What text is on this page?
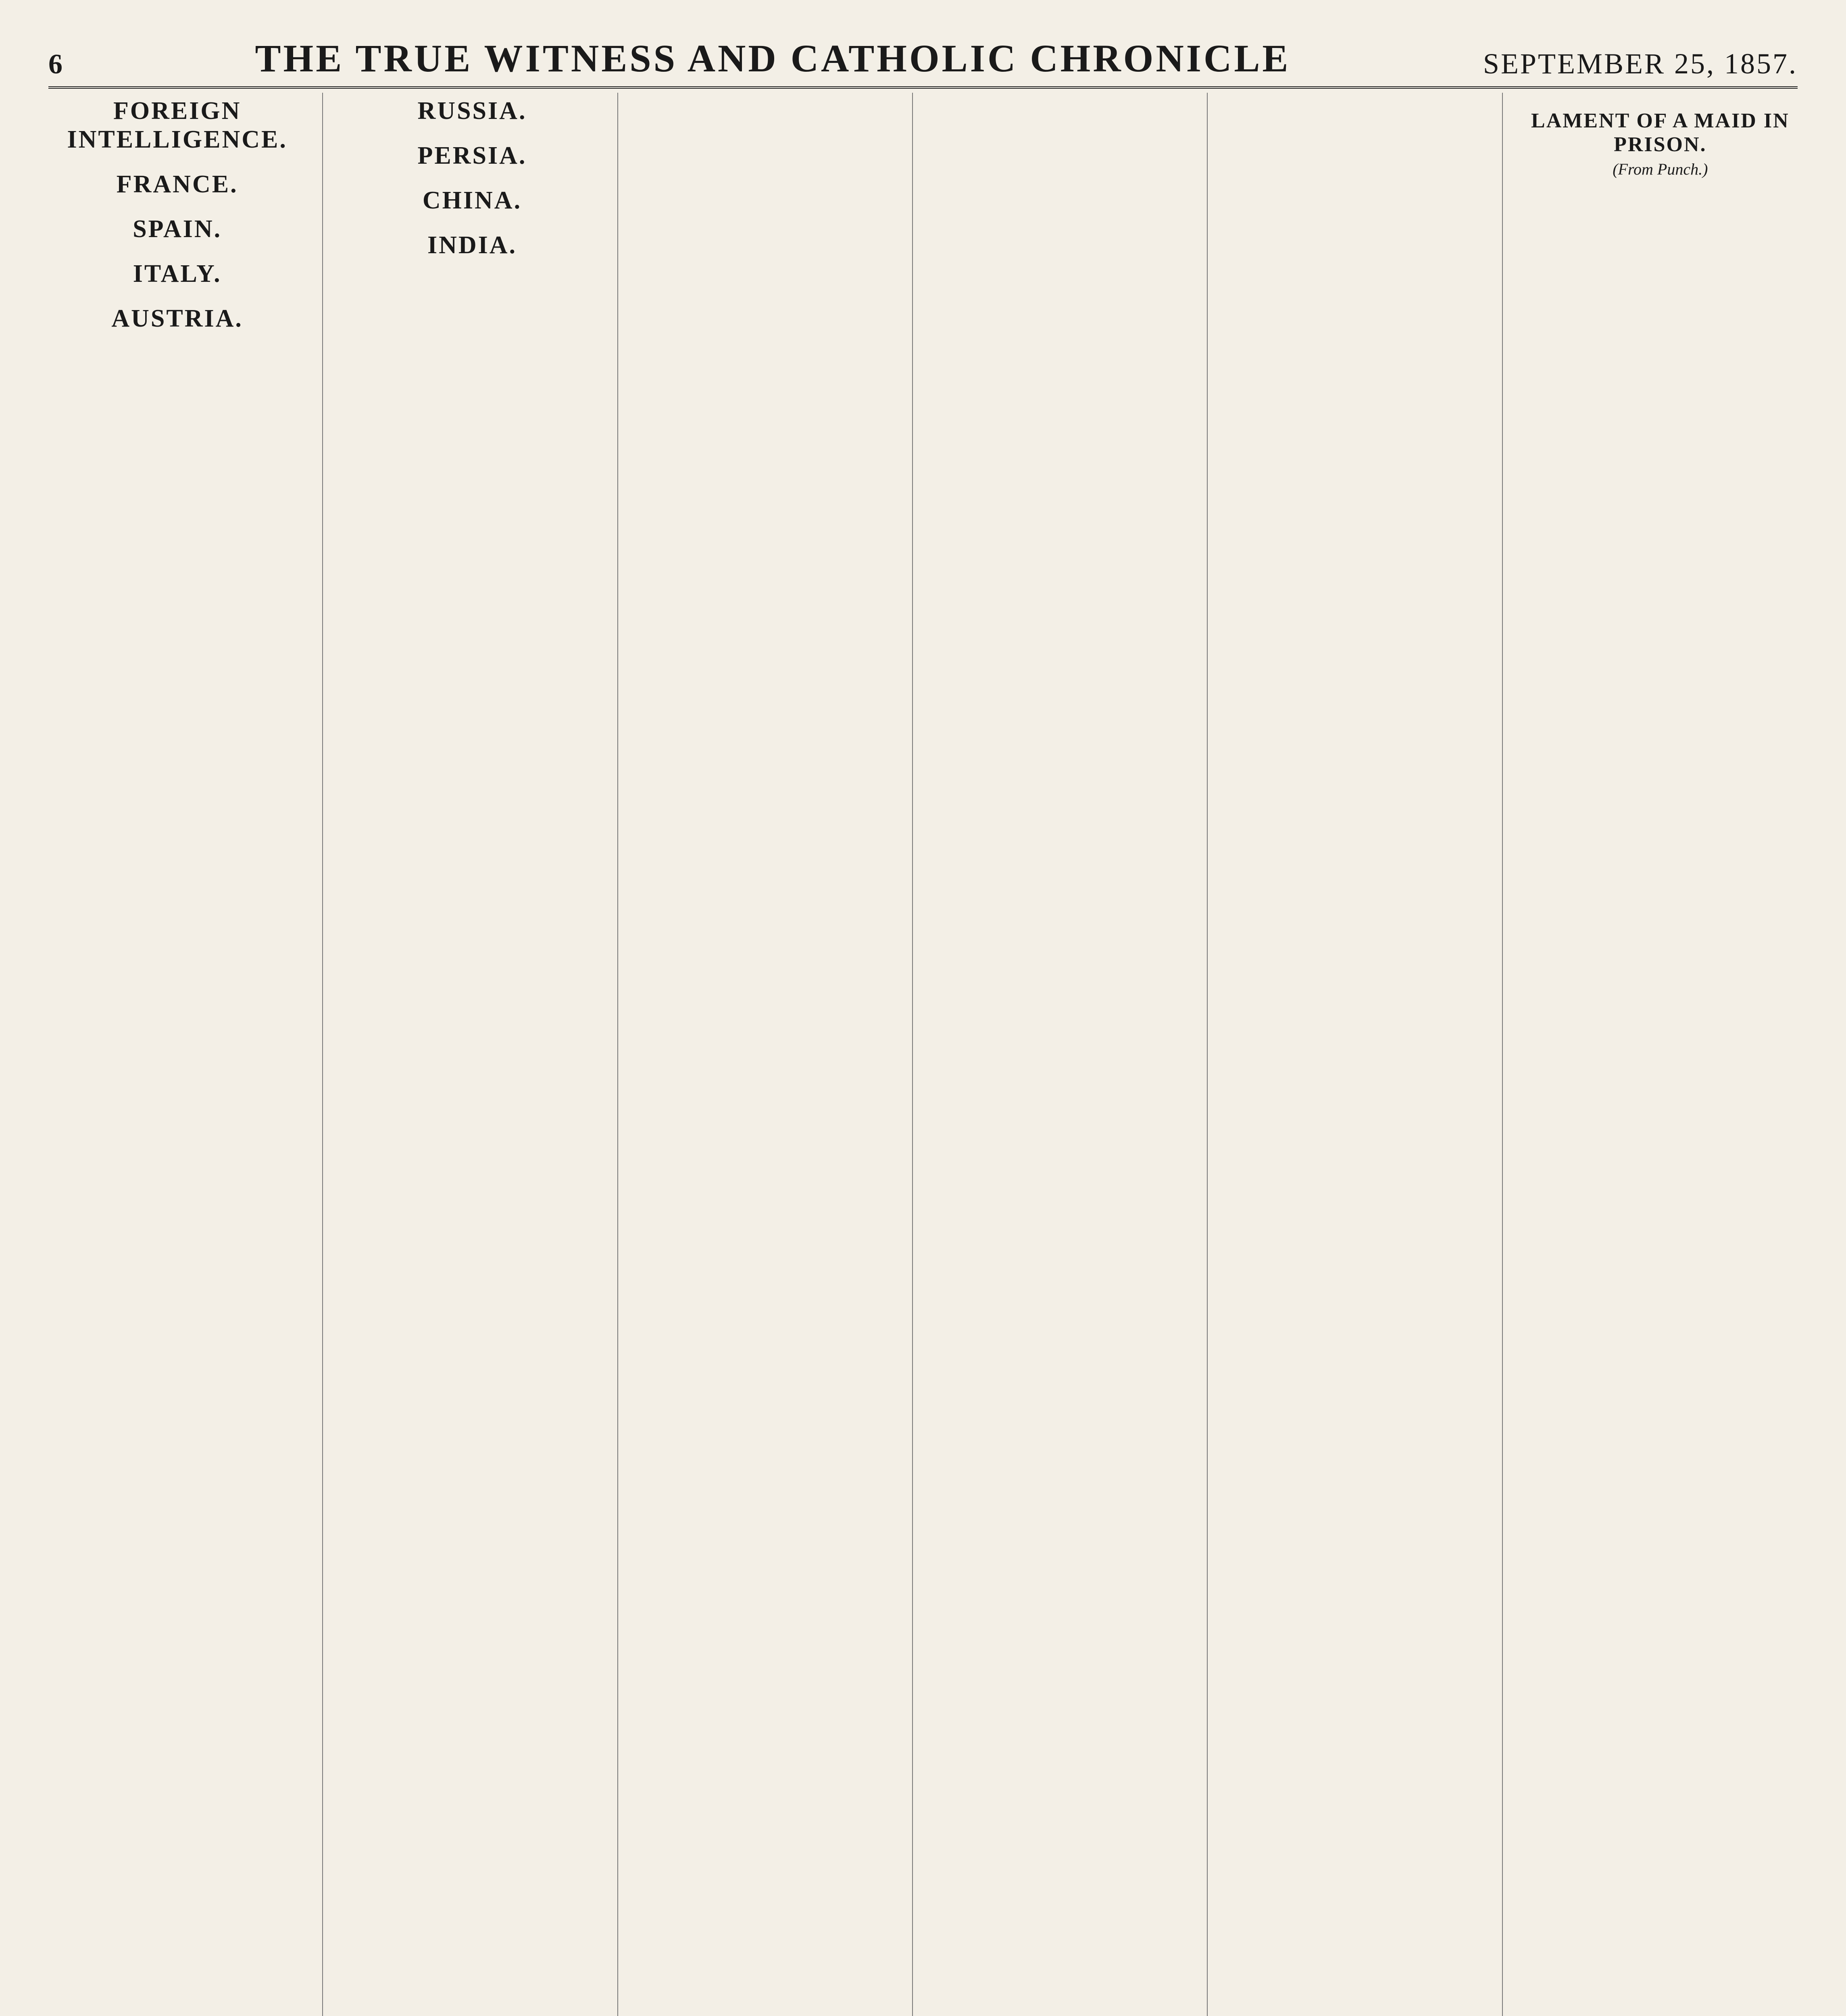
6	THE TRUE WITNESS AND CATHOLIC CHRONICLE	SEPTEMBER 25, 1857.
FOREIGN INTELLIGENCE.
FRANCE.
SPAIN.
ITALY.
AUSTRIA.
RUSSIA.
PERSIA.
CHINA.
INDIA.
LAMENT OF A MAID IN PRISON.
(From Punch.)
